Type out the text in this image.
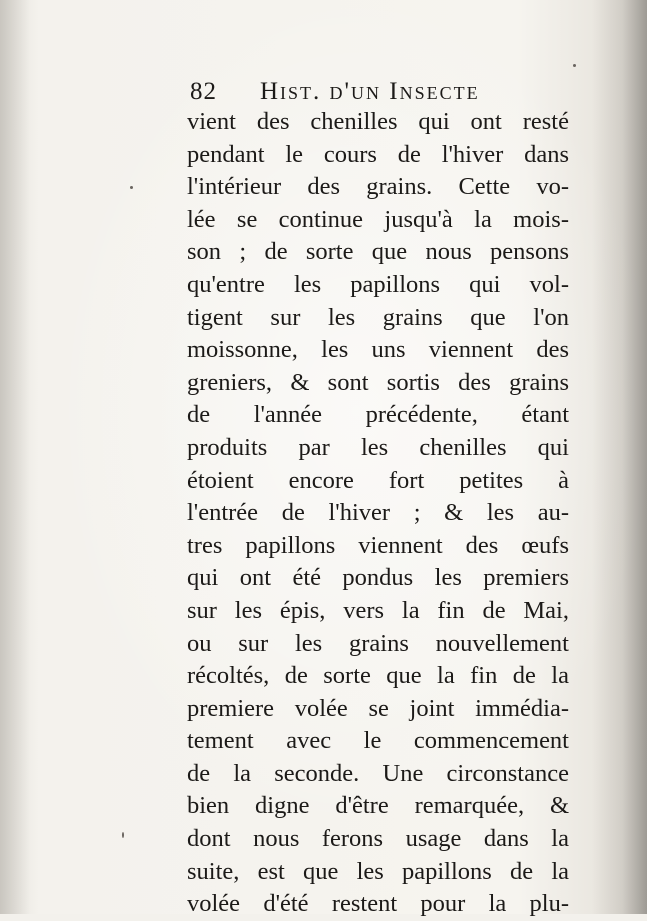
82 Hist. d'un Insecte
vient des chenilles qui ont resté
pendant le cours de l'hiver dans
l'intérieur des grains. Cette vo-
lée se continue jusqu'à la mois-
son ; de sorte que nous pensons
qu'entre les papillons qui vol-
tigent sur les grains que l'on
moissonne, les uns viennent des
greniers, & sont sortis des grains
de l'année précédente, étant
produits par les chenilles qui
étoient encore fort petites à
l'entrée de l'hiver ; & les au-
tres papillons viennent des œufs
qui ont été pondus les premiers
sur les épis, vers la fin de Mai,
ou sur les grains nouvellement
récoltés, de sorte que la fin de la
premiere volée se joint immédia-
tement avec le commencement
de la seconde. Une circonstance
bien digne d'être remarquée, &
dont nous ferons usage dans la
suite, est que les papillons de la
volée d'été restent pour la plu-
